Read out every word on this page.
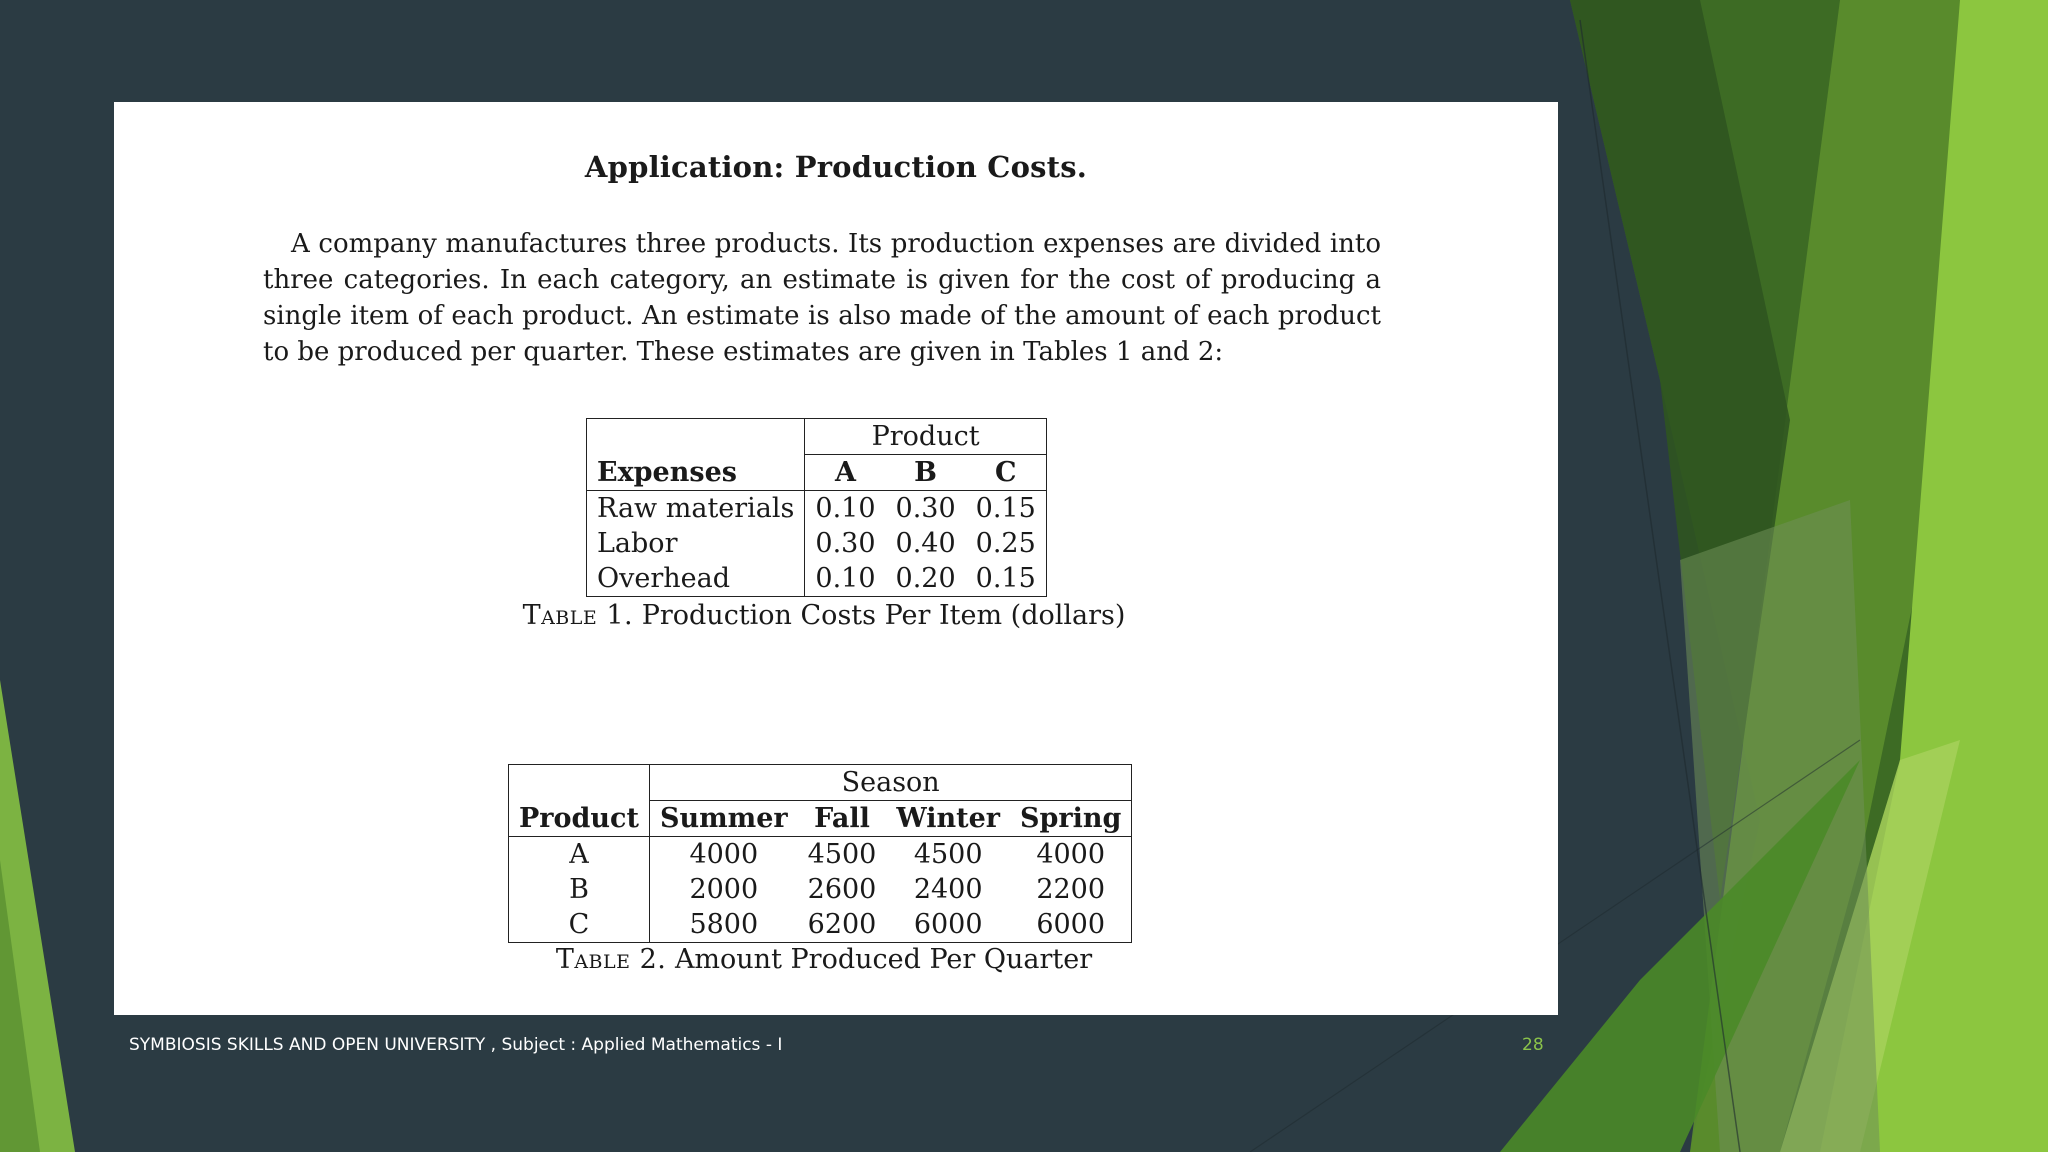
Application: Production Costs.

A company manufactures three products. Its production expenses are divided into three categories. In each category, an estimate is given for the cost of producing a single item of each product. An estimate is also made of the amount of each product to be produced per quarter. These estimates are given in Tables 1 and 2:

	Product		
Expenses	A	B	C
Raw materials	0.10	0.30	0.15
Labor	0.30	0.40	0.25
Overhead	0.10	0.20	0.15
Table 1. Production Costs Per Item (dollars)
	Season			
Product	Summer	Fall	Winter	Spring
A	4000	4500	4500	4000
B	2000	2600	2400	2200
C	5800	6200	6000	6000
Table 2. Amount Produced Per Quarter
SYMBIOSIS SKILLS AND OPEN UNIVERSITY , Subject : Applied Mathematics - I	28
